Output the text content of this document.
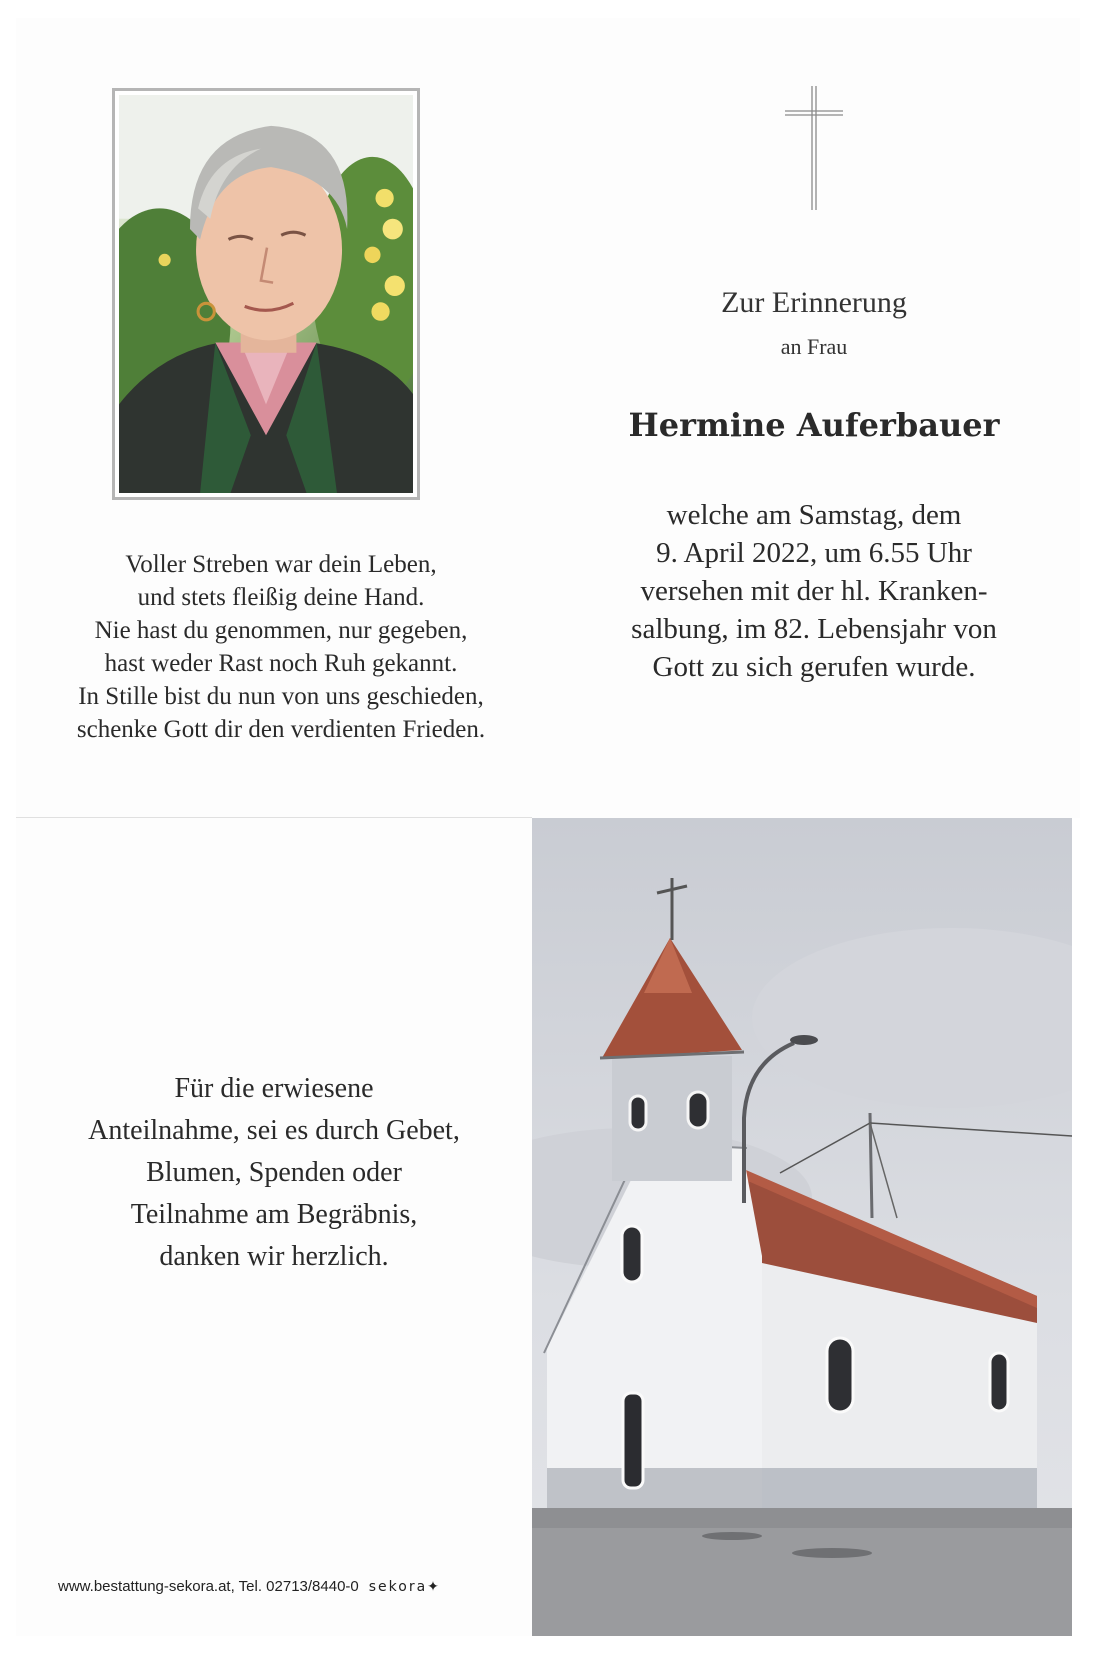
Voller Streben war dein Leben,
und stets fleißig deine Hand.
Nie hast du genommen, nur gegeben,
hast weder Rast noch Ruh gekannt.
In Stille bist du nun von uns geschieden,
schenke Gott dir den verdienten Frieden.
Zur Erinnerung
an Frau
Hermine Auferbauer
welche am Samstag, dem
9. April 2022, um 6.55 Uhr
versehen mit der hl. Kranken-
salbung, im 82. Lebensjahr von
Gott zu sich gerufen wurde.
Für die erwiesene
Anteilnahme, sei es durch Gebet,
Blumen, Spenden oder
Teilnahme am Begräbnis,
danken wir herzlich.
www.bestattung-sekora.at, Tel. 02713/8440-0 sekora✦
